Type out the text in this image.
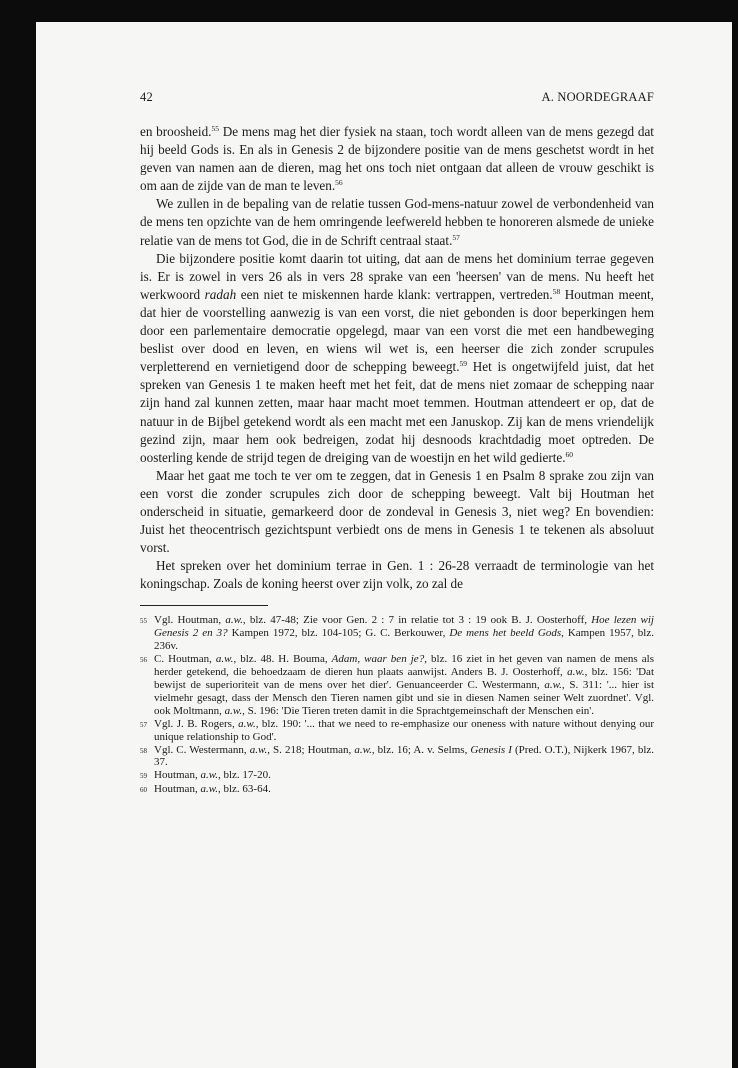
42	A. NOORDEGRAAF

en broosheid.$^{55}$ De mens mag het dier fysiek na staan, toch wordt alleen van de mens gezegd dat hij beeld Gods is. En als in Genesis 2 de bijzondere positie van de mens geschetst wordt in het geven van namen aan de dieren, mag het ons toch niet ontgaan dat alleen de vrouw geschikt is om aan de zijde van de man te leven.$^{56}$

We zullen in de bepaling van de relatie tussen God-mens-natuur zowel de verbondenheid van de mens ten opzichte van de hem omringende leefwereld hebben te honoreren alsmede de unieke relatie van de mens tot God, die in de Schrift centraal staat.$^{57}$

Die bijzondere positie komt daarin tot uiting, dat aan de mens het dominium terrae gegeven is. Er is zowel in vers 26 als in vers 28 sprake van een 'heersen' van de mens. Nu heeft het werkwoord radah een niet te miskennen harde klank: vertrappen, vertreden.$^{58}$ Houtman meent, dat hier de voorstelling aanwezig is van een vorst, die niet gebonden is door beperkingen hem door een parlementaire democratie opgelegd, maar van een vorst die met een handbeweging beslist over dood en leven, en wiens wil wet is, een heerser die zich zonder scrupules verpletterend en vernietigend door de schepping beweegt.$^{59}$ Het is ongetwijfeld juist, dat het spreken van Genesis 1 te maken heeft met het feit, dat de mens niet zomaar de schepping naar zijn hand zal kunnen zetten, maar haar macht moet temmen. Houtman attendeert er op, dat de natuur in de Bijbel getekend wordt als een macht met een Januskop. Zij kan de mens vriendelijk gezind zijn, maar hem ook bedreigen, zodat hij desnoods krachtdadig moet optreden. De oosterling kende de strijd tegen de dreiging van de woestijn en het wild gedierte.$^{60}$

Maar het gaat me toch te ver om te zeggen, dat in Genesis 1 en Psalm 8 sprake zou zijn van een vorst die zonder scrupules zich door de schepping beweegt. Valt bij Houtman het onderscheid in situatie, gemarkeerd door de zondeval in Genesis 3, niet weg? En bovendien: Juist het theocentrisch gezichtspunt verbiedt ons de mens in Genesis 1 te tekenen als absoluut vorst.

Het spreken over het dominium terrae in Gen. 1 : 26-28 verraadt de terminologie van het koningschap. Zoals de koning heerst over zijn volk, zo zal de

55 Vgl. Houtman, a.w., blz. 47-48; Zie voor Gen. 2 : 7 in relatie tot 3 : 19 ook B. J. Oosterhoff, Hoe lezen wij Genesis 2 en 3? Kampen 1972, blz. 104-105; G. C. Berkouwer, De mens het beeld Gods, Kampen 1957, blz. 236v.
56 C. Houtman, a.w., blz. 48. H. Bouma, Adam, waar ben je?, blz. 16 ziet in het geven van namen de mens als herder getekend, die behoedzaam de dieren hun plaats aanwijst. Anders B. J. Oosterhoff, a.w., blz. 156: 'Dat bewijst de superioriteit van de mens over het dier'. Genuanceerder C. Westermann, a.w., S. 311: '... hier ist vielmehr gesagt, dass der Mensch den Tieren namen gibt und sie in diesen Namen seiner Welt zuordnet'. Vgl. ook Moltmann, a.w., S. 196: 'Die Tieren treten damit in die Sprachtgemeinschaft der Menschen ein'.
57 Vgl. J. B. Rogers, a.w., blz. 190: '... that we need to re-emphasize our oneness with nature without denying our unique relationship to God'.
58 Vgl. C. Westermann, a.w., S. 218; Houtman, a.w., blz. 16; A. v. Selms, Genesis I (Pred. O.T.), Nijkerk 1967, blz. 37.
59 Houtman, a.w., blz. 17-20.
60 Houtman, a.w., blz. 63-64.
